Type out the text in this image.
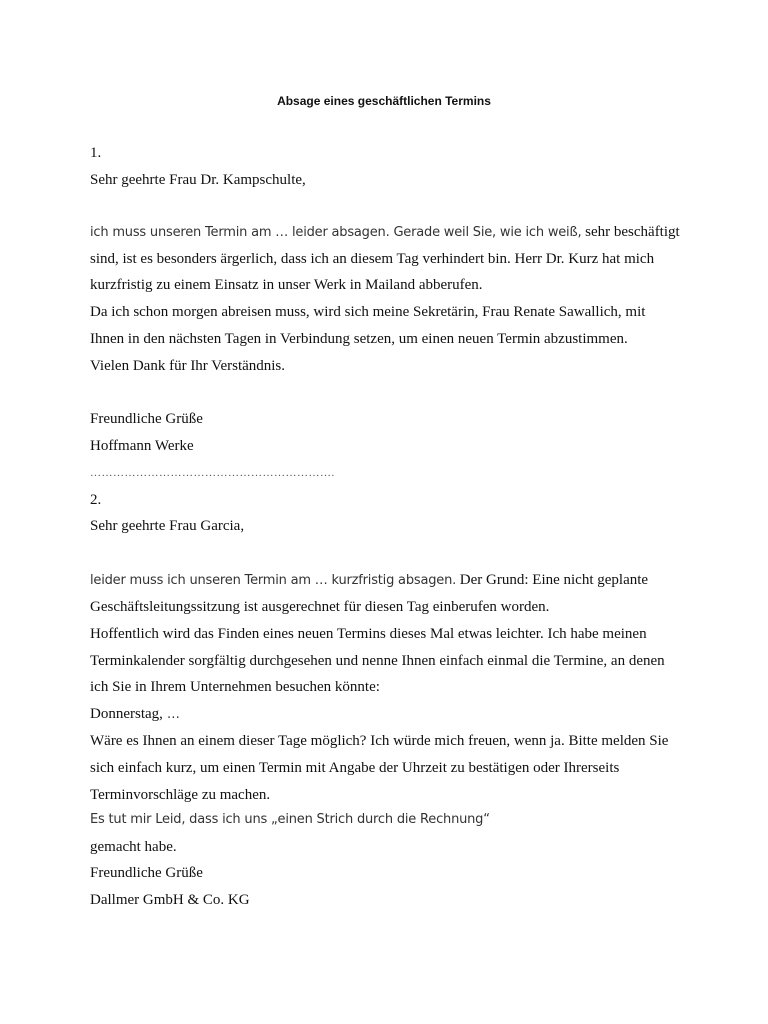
Absage eines geschäftlichen Termins
1.
Sehr geehrte Frau Dr. Kampschulte,
ich muss unseren Termin am … leider absagen. Gerade weil Sie, wie ich weiß, sehr beschäftigt
sind, ist es besonders ärgerlich, dass ich an diesem Tag verhindert bin. Herr Dr. Kurz hat mich
kurzfristig zu einem Einsatz in unser Werk in Mailand abberufen.
Da ich schon morgen abreisen muss, wird sich meine Sekretärin, Frau Renate Sawallich, mit
Ihnen in den nächsten Tagen in Verbindung setzen, um einen neuen Termin abzustimmen.
Vielen Dank für Ihr Verständnis.
Freundliche Grüße
Hoffmann Werke
……………………………………………………….
2.
Sehr geehrte Frau Garcia,
leider muss ich unseren Termin am … kurzfristig absagen. Der Grund: Eine nicht geplante
Geschäftsleitungssitzung ist ausgerechnet für diesen Tag einberufen worden.
Hoffentlich wird das Finden eines neuen Termins dieses Mal etwas leichter. Ich habe meinen
Terminkalender sorgfältig durchgesehen und nenne Ihnen einfach einmal die Termine, an denen
ich Sie in Ihrem Unternehmen besuchen könnte:
Donnerstag, …
Wäre es Ihnen an einem dieser Tage möglich? Ich würde mich freuen, wenn ja. Bitte melden Sie
sich einfach kurz, um einen Termin mit Angabe der Uhrzeit zu bestätigen oder Ihrerseits
Terminvorschläge zu machen.
Es tut mir Leid, dass ich uns „einen Strich durch die Rechnung“
gemacht habe.
Freundliche Grüße
Dallmer GmbH & Co. KG
